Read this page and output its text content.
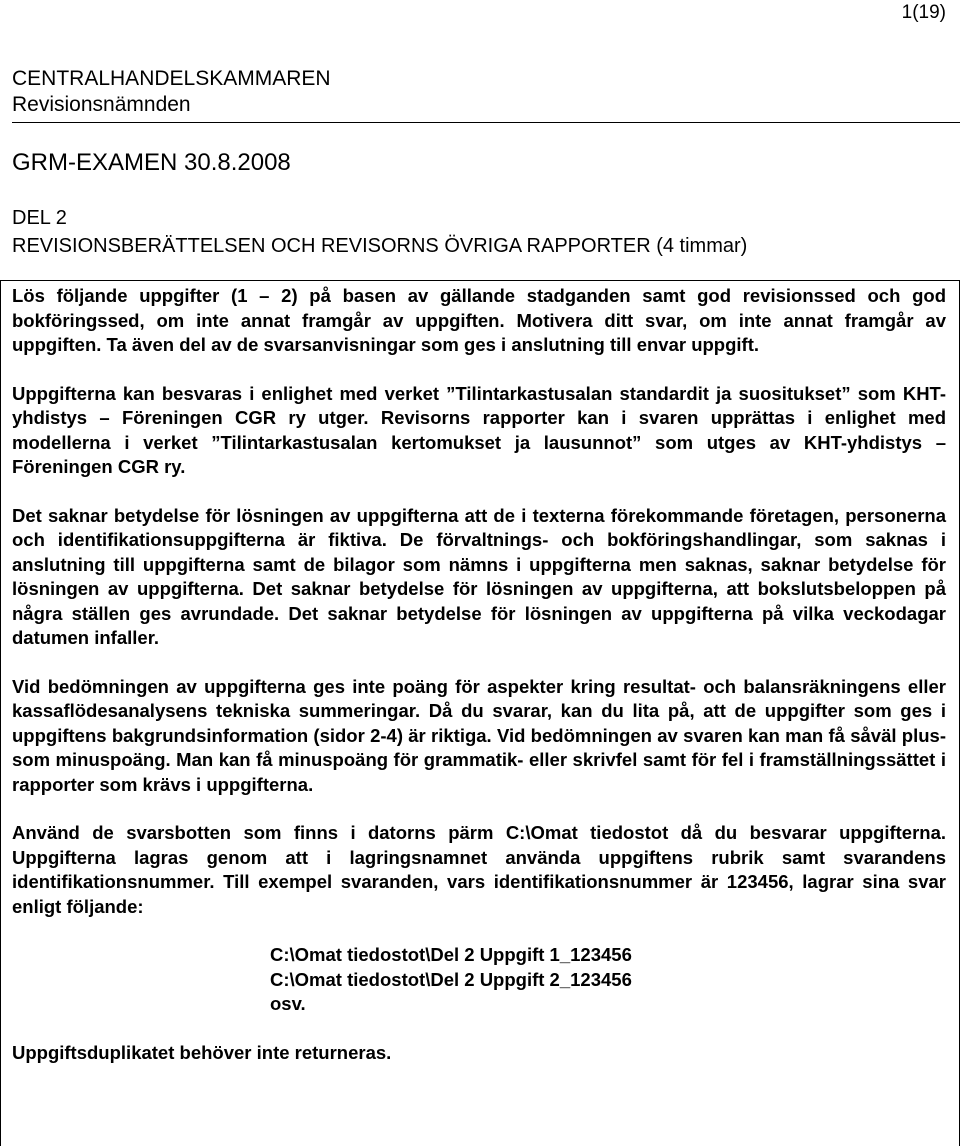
1(19)
CENTRALHANDELSKAMMAREN
Revisionsnämnden
GRM-EXAMEN 30.8.2008
DEL 2
REVISIONSBERÄTTELSEN OCH REVISORNS ÖVRIGA RAPPORTER (4 timmar)

Lös följande uppgifter (1 – 2) på basen av gällande stadganden samt god revisionssed och god bokföringssed, om inte annat framgår av uppgiften. Motivera ditt svar, om inte annat framgår av uppgiften. Ta även del av de svarsanvisningar som ges i anslutning till envar uppgift.

Uppgifterna kan besvaras i enlighet med verket ”Tilintarkastusalan standardit ja suositukset” som KHT-yhdistys – Föreningen CGR ry utger. Revisorns rapporter kan i svaren upprättas i enlighet med modellerna i verket ”Tilintarkastusalan kertomukset ja lausunnot” som utges av KHT-yhdistys – Föreningen CGR ry.

Det saknar betydelse för lösningen av uppgifterna att de i texterna förekommande företagen, personerna och identifikationsuppgifterna är fiktiva. De förvaltnings- och bokföringshandlingar, som saknas i anslutning till uppgifterna samt de bilagor som nämns i uppgifterna men saknas, saknar betydelse för lösningen av uppgifterna. Det saknar betydelse för lösningen av uppgifterna, att bokslutsbeloppen på några ställen ges avrundade. Det saknar betydelse för lösningen av uppgifterna på vilka veckodagar datumen infaller.

Vid bedömningen av uppgifterna ges inte poäng för aspekter kring resultat- och balansräkningens eller kassaflödesanalysens tekniska summeringar. Då du svarar, kan du lita på, att de uppgifter som ges i uppgiftens bakgrundsinformation (sidor 2-4) är riktiga. Vid bedömningen av svaren kan man få såväl plus- som minuspoäng. Man kan få minuspoäng för grammatik- eller skrivfel samt för fel i framställningssättet i rapporter som krävs i uppgifterna.

Använd de svarsbotten som finns i datorns pärm C:\Omat tiedostot då du besvarar uppgifterna. Uppgifterna lagras genom att i lagringsnamnet använda uppgiftens rubrik samt svarandens identifikationsnummer. Till exempel svaranden, vars identifikationsnummer är 123456, lagrar sina svar enligt följande:

C:\Omat tiedostot\Del 2 Uppgift 1_123456
C:\Omat tiedostot\Del 2 Uppgift 2_123456
osv.

Uppgiftsduplikatet behöver inte returneras.
